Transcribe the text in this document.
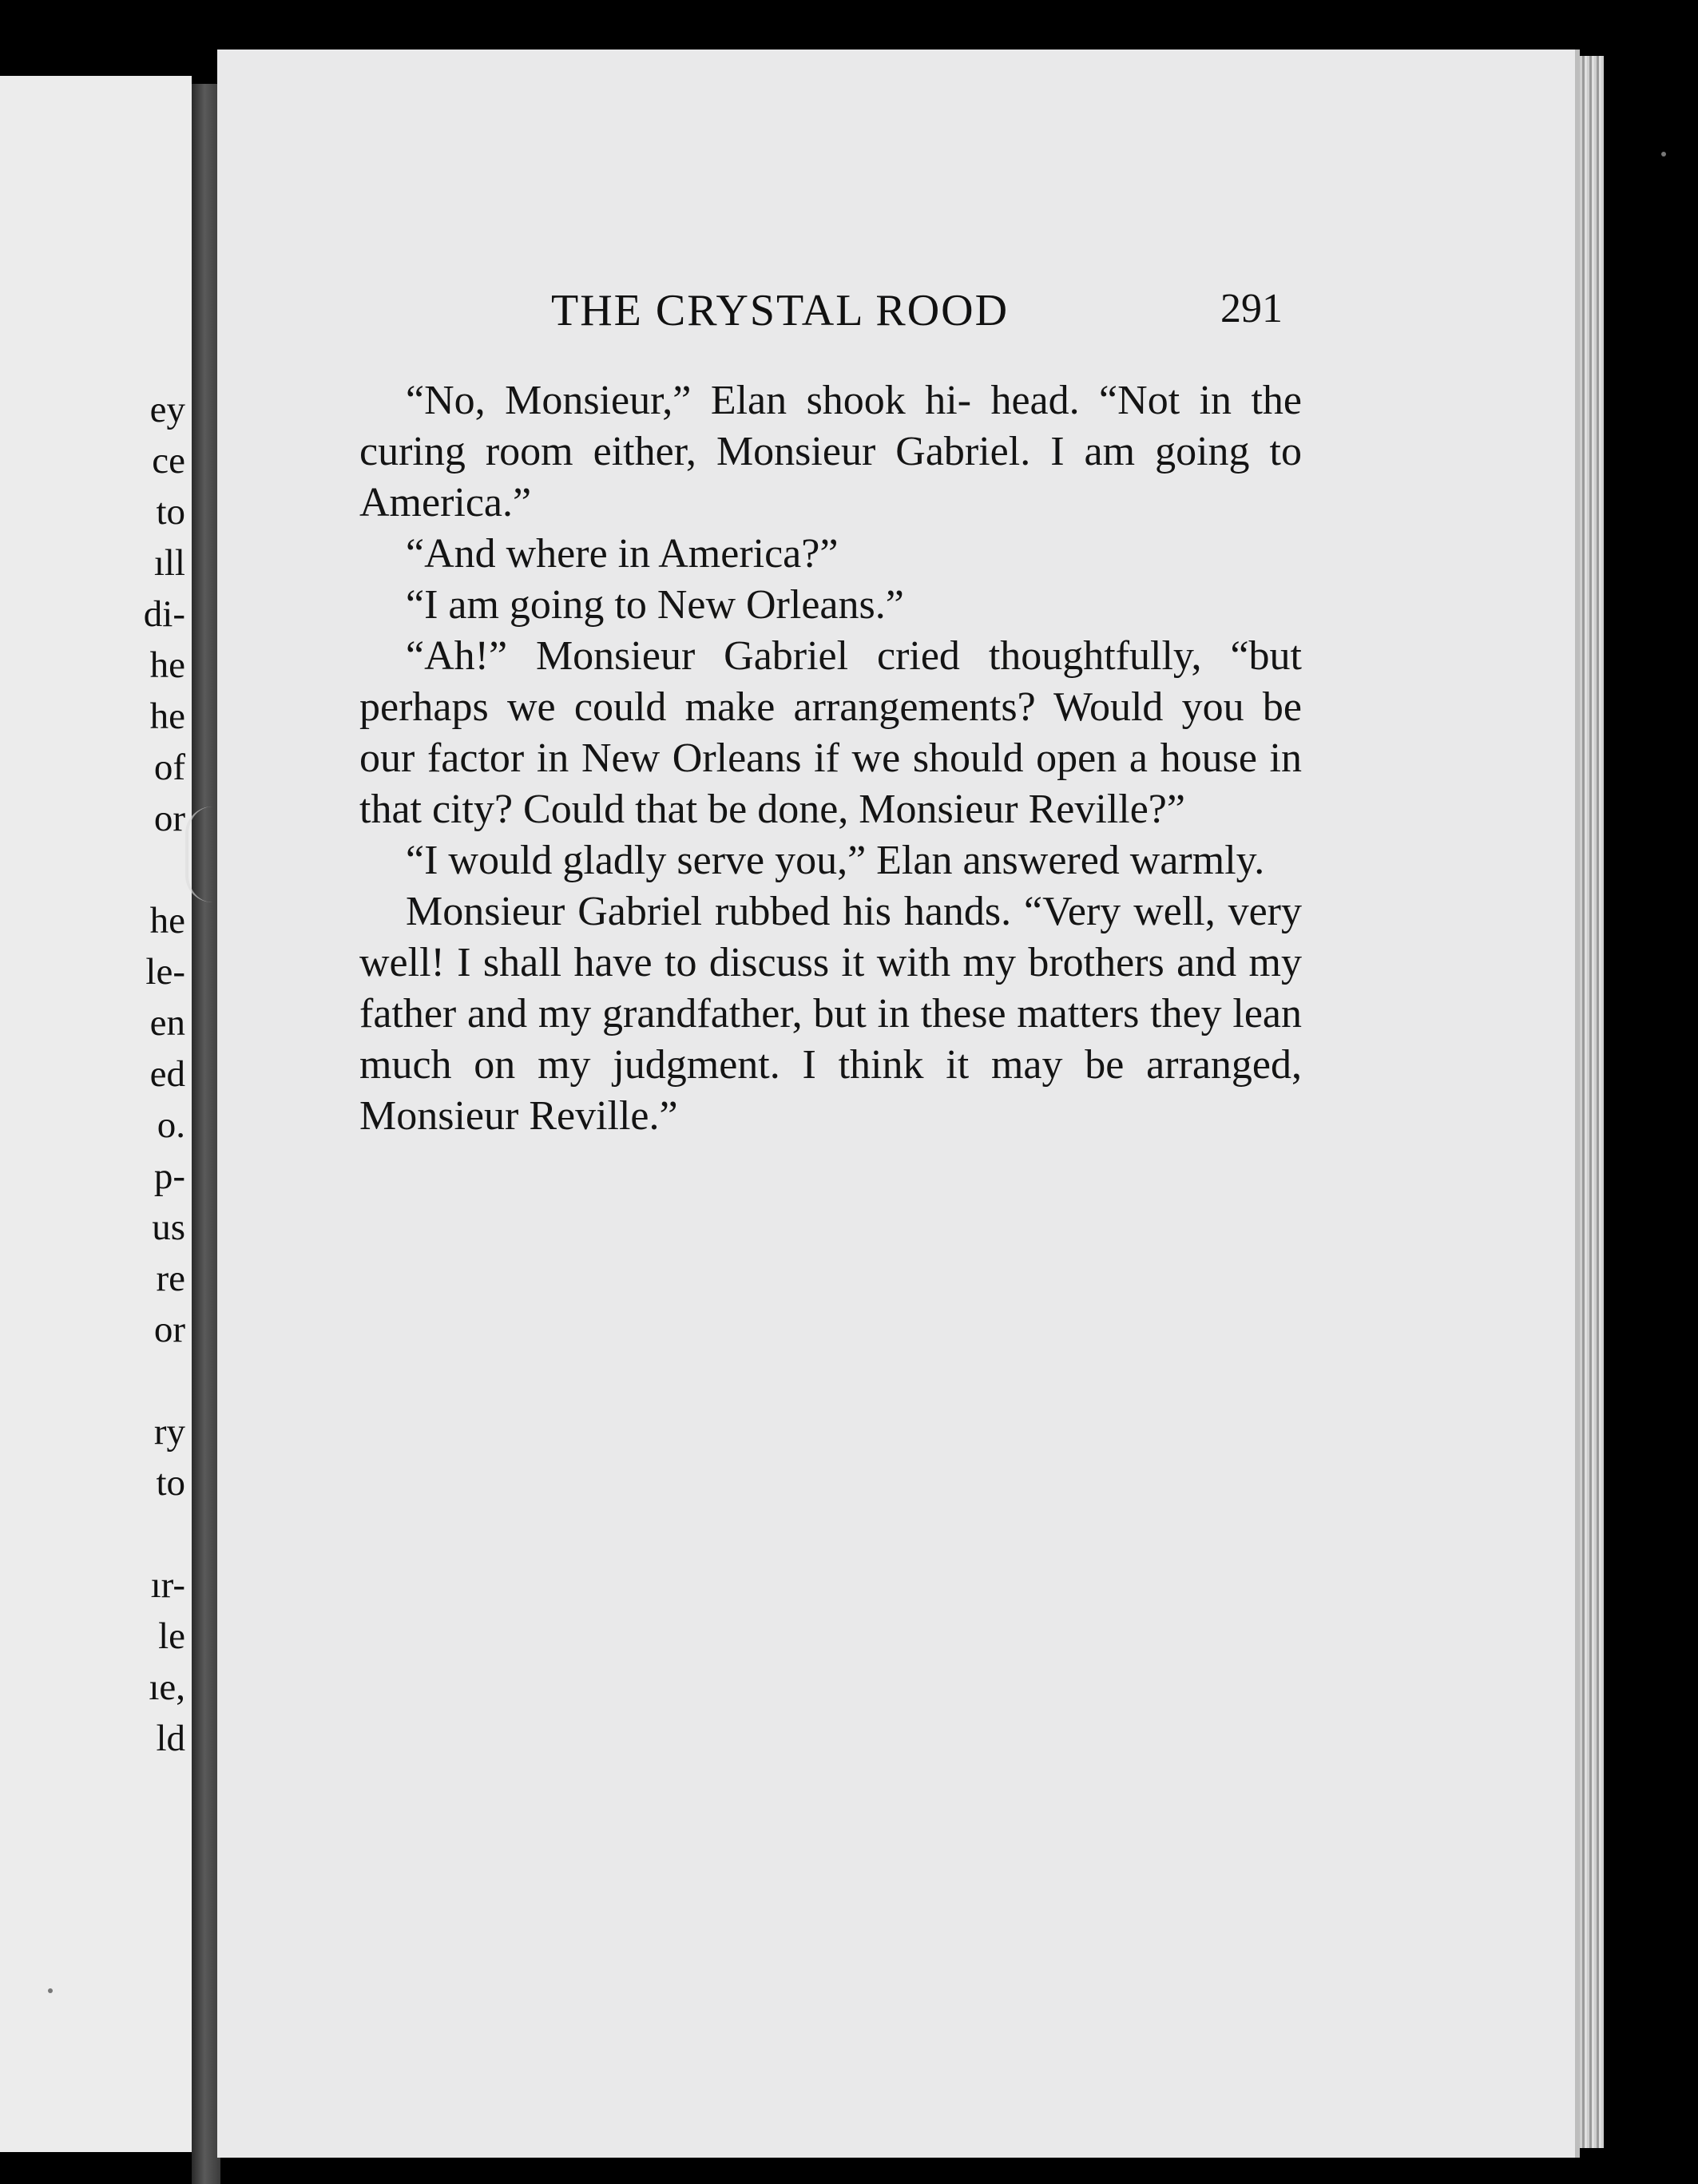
ey
ce
to
ıll
di-
he
he
of
or
he
le-
en
ed
o.
p-
us
re
or
ry
to
ır-
le
ıe,
ld
THE CRYSTAL ROOD	291

“No, Monsieur,” Elan shook hi- head. “Not in the curing room either, Monsieur Gabriel. I am going to America.”

“And where in America?”

“I am going to New Orleans.”

“Ah!” Monsieur Gabriel cried thoughtfully, “but perhaps we could make arrangements? Would you be our factor in New Orleans if we should open a house in that city? Could that be done, Monsieur Reville?”

“I would gladly serve you,” Elan answered warmly.

Monsieur Gabriel rubbed his hands. “Very well, very well! I shall have to discuss it with my brothers and my father and my grandfather, but in these matters they lean much on my judgment. I think it may be arranged, Monsieur Reville.”
